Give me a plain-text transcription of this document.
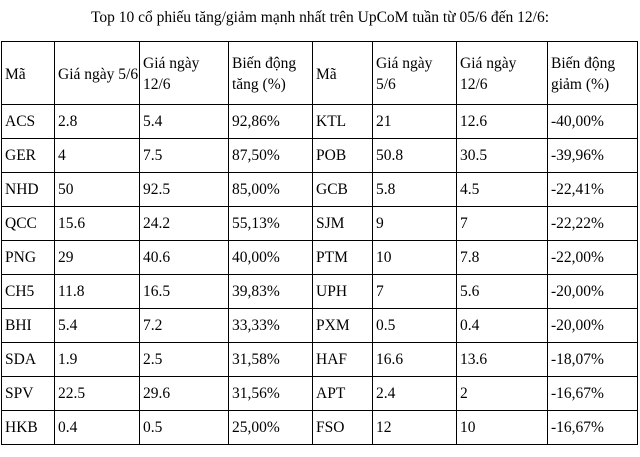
Top 10 cổ phiếu tăng/giảm mạnh nhất trên UpCoM tuần từ 05/6 đến 12/6:
Mã	Giá ngày 5/6	Giá ngày 12/6	Biến động tăng (%)	Mã	Giá ngày 5/6	Giá ngày 12/6	Biến động giảm (%)
ACS	2.8	5.4	92,86%	KTL	21	12.6	-40,00%
GER	4	7.5	87,50%	POB	50.8	30.5	-39,96%
NHD	50	92.5	85,00%	GCB	5.8	4.5	-22,41%
QCC	15.6	24.2	55,13%	SJM	9	7	-22,22%
PNG	29	40.6	40,00%	PTM	10	7.8	-22,00%
CH5	11.8	16.5	39,83%	UPH	7	5.6	-20,00%
BHI	5.4	7.2	33,33%	PXM	0.5	0.4	-20,00%
SDA	1.9	2.5	31,58%	HAF	16.6	13.6	-18,07%
SPV	22.5	29.6	31,56%	APT	2.4	2	-16,67%
HKB	0.4	0.5	25,00%	FSO	12	10	-16,67%
